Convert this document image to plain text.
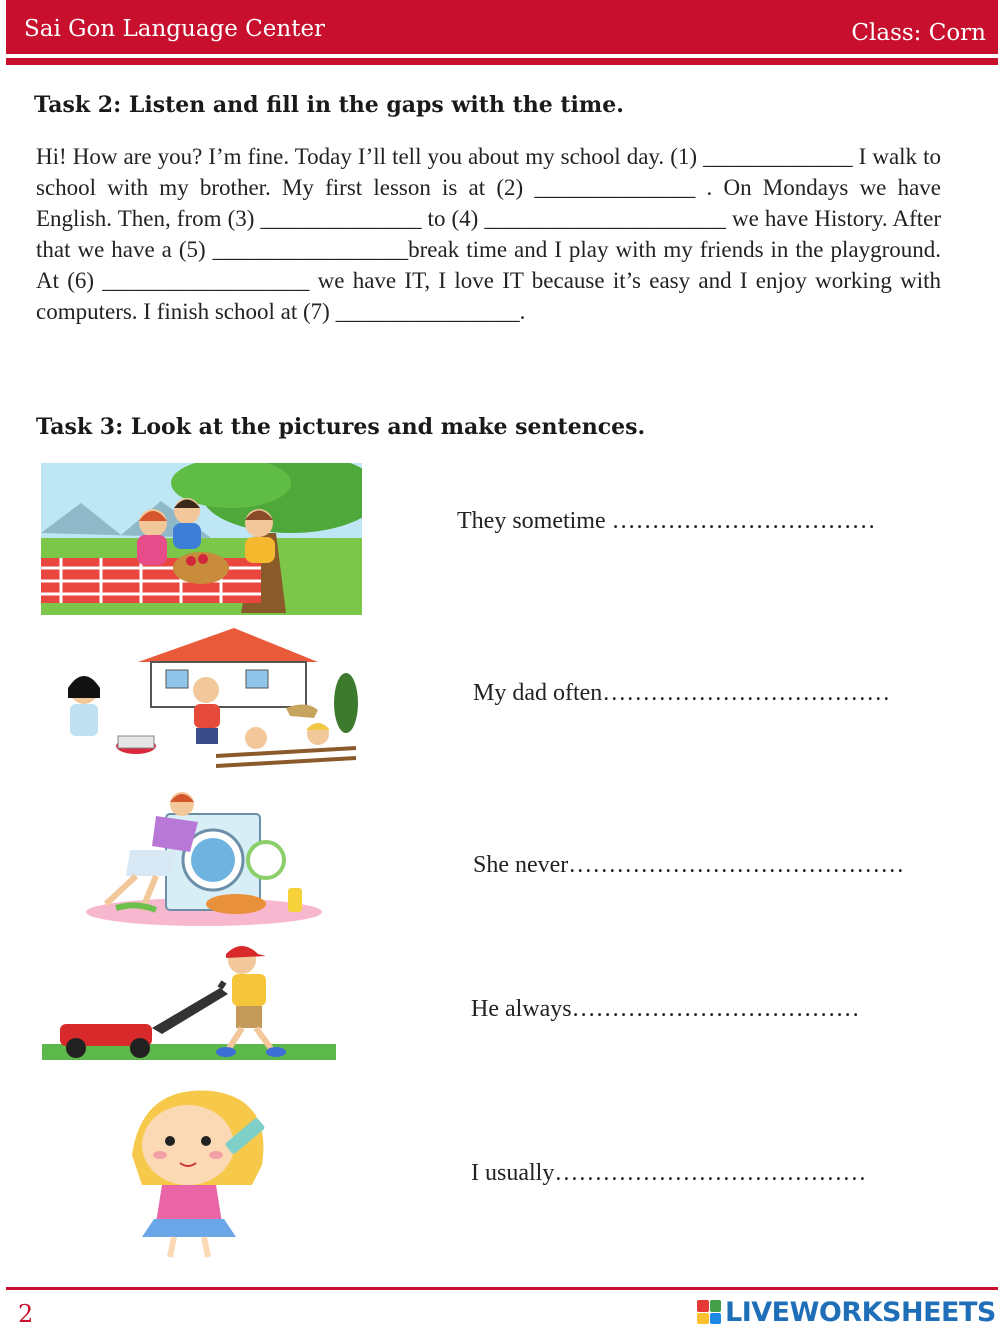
Sai Gon Language Center	Class: Corn
Task 2: Listen and fill in the gaps with the time.
Hi! How are you? I’m fine. Today I’ll tell you about my school day. (1) _____________ I walk to school with my brother. My first lesson is at (2) ______________ . On Mondays we have English. Then, from (3) ______________ to (4) _____________________ we have History. After that we have a (5) _________________break time and I play with my friends in the playground. At (6) __________________ we have IT, I love IT because it’s easy and I enjoy working with computers. I finish school at (7) ________________.
Task 3: Look at the pictures and make sentences.
They sometime ……………………………
My dad often………………………………
She never……………………………………
He always………………………………
I usually…………………………………
2	LIVEWORKSHEETS
